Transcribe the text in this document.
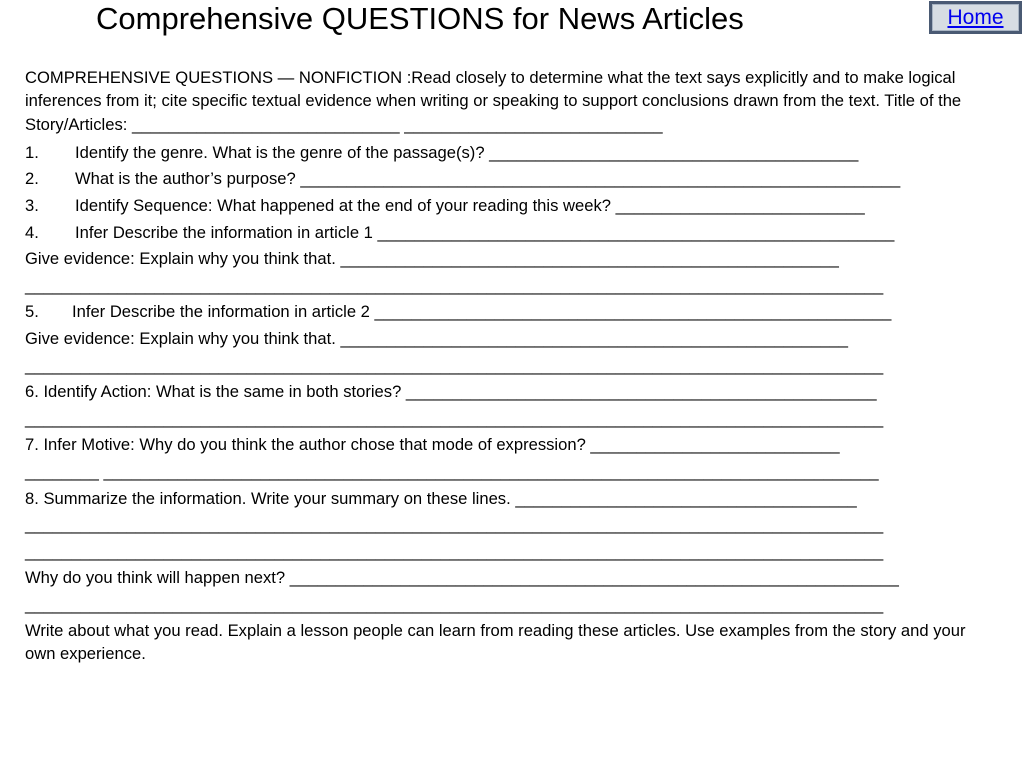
Comprehensive QUESTIONS for News Articles	Home

COMPREHENSIVE QUESTIONS — NONFICTION :Read closely to determine what the text says explicitly and to make logical inferences from it; cite specific textual evidence when writing or speaking to support conclusions drawn from the text. Title of the Story/Articles: _____________________________ ____________________________

1. Identify the genre. What is the genre of the passage(s)? ________________________________________
2. What is the author’s purpose? _________________________________________________________________
3. Identify Sequence: What happened at the end of your reading this week? ___________________________
4. Infer Describe the information in article 1 ________________________________________________________
Give evidence: Explain why you think that. ______________________________________________________
_____________________________________________________________________________________________
5. Infer Describe the information in article 2 ________________________________________________________
Give evidence: Explain why you think that. _______________________________________________________
_____________________________________________________________________________________________
6. Identify Action: What is the same in both stories? ___________________________________________________
_____________________________________________________________________________________________
7. Infer Motive: Why do you think the author chose that mode of expression? ___________________________
________ ____________________________________________________________________________________
8. Summarize the information. Write your summary on these lines. _____________________________________
_____________________________________________________________________________________________
_____________________________________________________________________________________________
Why do you think will happen next? __________________________________________________________________
_____________________________________________________________________________________________

Write about what you read. Explain a lesson people can learn from reading these articles. Use examples from the story and your own experience.
